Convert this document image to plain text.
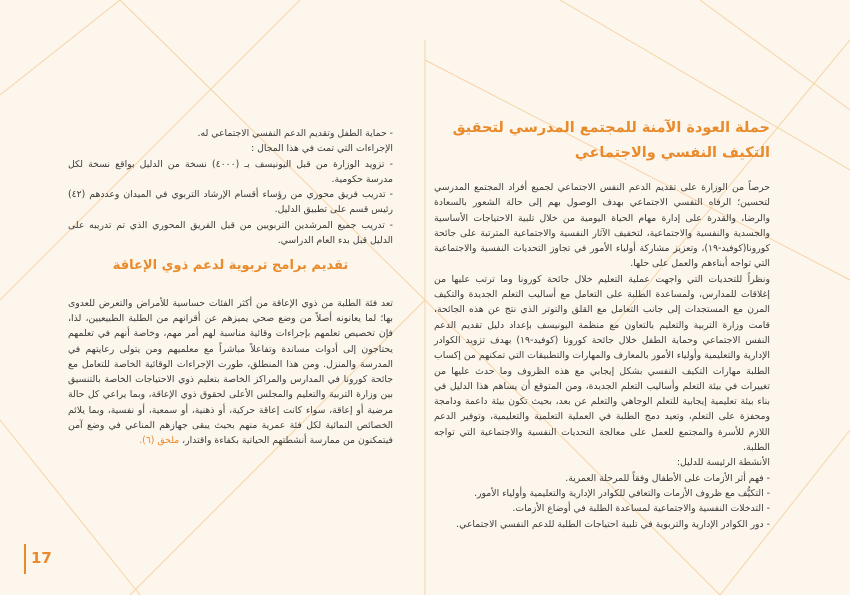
حملة العودة الآمنة للمجتمع المدرسي لتحقيق التكيف النفسي والاجتماعي

حرصاً من الوزارة على تقديم الدعم النفس الاجتماعي لجميع أفراد المجتمع المدرسي لتحسين؛ الرفاه النفسي الاجتماعي بهدف الوصول بهم إلى حالة الشعور بالسعادة والرضا، والقدرة على إدارة مهام الحياة اليومية من خلال تلبية الاحتياجات الأساسية والجسدية والنفسية والاجتماعية، لتخفيف الآثار النفسية والاجتماعية المترتبة على جائحة كورونا(كوفيد-١٩)، وتعزيز مشاركة أولياء الأمور في تجاوز التحديات النفسية والاجتماعية التي تواجه أبناءهم والعمل على حلها.

ونظراً للتحديات التي واجهت عملية التعليم خلال جائحة كورونا وما ترتب عليها من إغلاقات للمدارس، ولمساعدة الطلبة على التعامل مع أساليب التعلم الجديدة والتكيف المرن مع المستجدات إلى جانب التعامل مع القلق والتوتر الذي نتج عن هذه الجائحة، قامت وزارة التربية والتعليم بالتعاون مع منظمة اليونيسف بإعداد دليل تقديم الدعم النفس الاجتماعي وحماية الطفل خلال جائحة كورونا (كوفيد-١٩) بهدف تزويد الكوادر الإدارية والتعليمية وأولياء الأمور بالمعارف والمهارات والتطبيقات التي تمكنهم من إكساب الطلبة مهارات التكيف النفسي بشكل إيجابي مع هذه الظروف وما حدث عليها من تغييرات في بيئة التعلم وأساليب التعلم الجديدة، ومن المتوقع أن يساهم هذا الدليل في بناء بيئة تعليمية إيجابية للتعلم الوجاهي والتعلم عن بعد، بحيث تكون بيئة داعمة ودامجة ومحفزة على التعلم، وتعيد دمج الطلبة في العملية التعلمية والتعليمية، وتوفير الدعم اللازم للأسرة والمجتمع للعمل على معالجة التحديات النفسية والاجتماعية التي تواجه الطلبة.

الأنشطة الرئيسة للدليل:

- فهم أثر الأزمات على الأطفال وفقاً للمرحلة العمرية.
- التكيُّف مع ظروف الأزمات والتعافي للكوادر الإدارية والتعليمية وأولياء الأمور.
- التدخلات النفسية والاجتماعية لمساعدة الطلبة في أوضاع الأزمات.
- دور الكوادر الإدارية والتربوية في تلبية احتياجات الطلبة للدعم النفسي الاجتماعي.

- حماية الطفل وتقديم الدعم النفسي الاجتماعي له.

الإجراءات التي تمت في هذا المجال :

- تزويد الوزارة من قبل اليونيسف بـ (٤٠٠٠) نسخة من الدليل بواقع نسخة لكل مدرسة حكومية.
- تدريب فريق محوري من رؤساء أقسام الإرشاد التربوي في الميدان وعددهم (٤٢) رئيس قسم على تطبيق الدليل.
- تدريب جميع المرشدين التربويين من قبل الفريق المحوري الذي تم تدريبه على الدليل قبل بدء العام الدراسي.
تقديم برامج تربوية لدعم ذوي الإعاقة

تعد فئة الطلبة من ذوي الإعاقة من أكثر الفئات حساسية للأمراض والتعرض للعدوى بها؛ لما يعانونه أصلاً من وضع صحي يميزهم عن أقرانهم من الطلبة الطبيعيين، لذا، فإن تخصيص تعلمهم بإجراءات وقائية مناسبة لهم أمر مهم، وخاصة أنهم في تعلمهم يحتاجون إلى أدوات مساندة وتفاعلاً مباشراً مع معلميهم ومن يتولى رعايتهم في المدرسة والمنزل. ومن هذا المنطلق، طورت الإجراءات الوقائية الخاصة للتعامل مع جائحة كورونا في المدارس والمراكز الخاصة بتعليم ذوي الاحتياجات الخاصة بالتنسيق بين وزارة التربية والتعليم والمجلس الأعلى لحقوق ذوي الإعاقة، وبما يراعي كل حالة مرضية أو إعاقة، سواء كانت إعاقة حركية، أو ذهنية، أو سمعية، أو نفسية، وبما يلائم الخصائص النمائية لكل فئة عمرية منهم بحيث يبقى جهازهم المناعي في وضع آمن فيتمكنون من ممارسة أنشطتهم الحياتية بكفاءة واقتدار، ملحق (٦).

17
